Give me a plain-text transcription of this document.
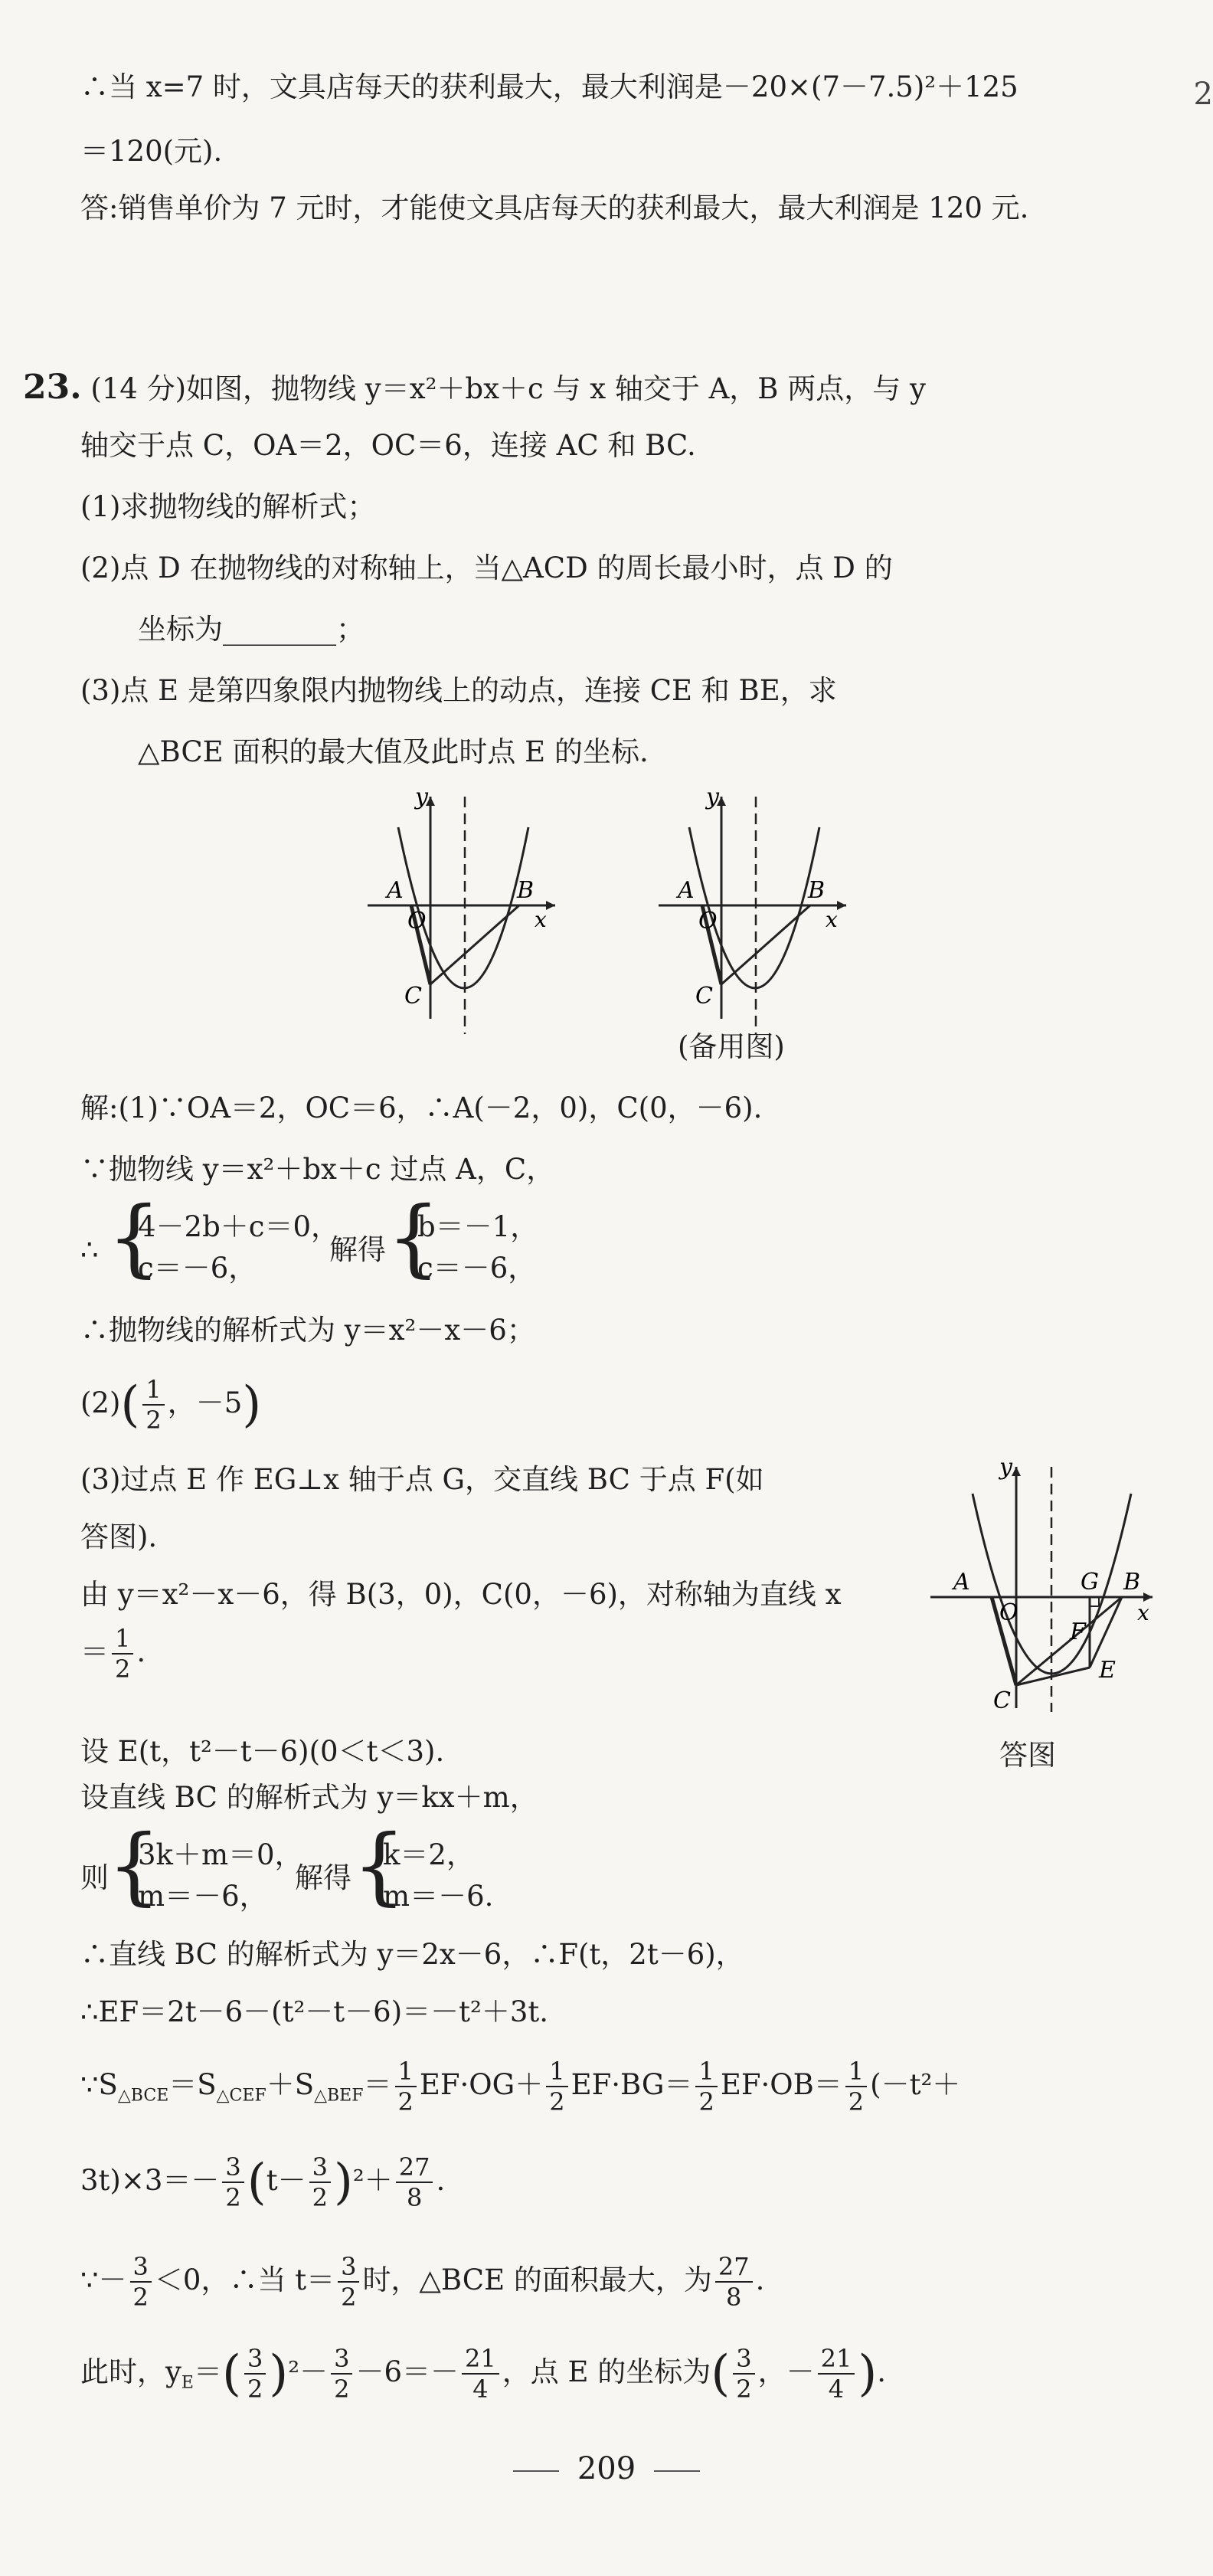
∴当 x=7 时，文具店每天的获利最大，最大利润是－20×(7－7.5)²＋125
＝120(元).
答:销售单价为 7 元时，才能使文具店每天的获利最大，最大利润是 120 元.
2
23. (14 分)如图，抛物线 y＝x²＋bx＋c 与 x 轴交于 A，B 两点，与 y
轴交于点 C，OA＝2，OC＝6，连接 AC 和 BC.
(1)求抛物线的解析式；
(2)点 D 在抛物线的对称轴上，当△ACD 的周长最小时，点 D 的
坐标为________；
(3)点 E 是第四象限内抛物线上的动点，连接 CE 和 BE，求
△BCE 面积的最大值及此时点 E 的坐标.
y
A	B
O	x
C
y
A	B
O	x
C
(备用图)
解:(1)∵OA＝2，OC＝6，∴A(－2，0)，C(0，－6).
∵抛物线 y＝x²＋bx＋c 过点 A，C，
∴ {
4－2b＋c＝0，
c＝－6，
解得 {
b＝－1，
c＝－6，
∴抛物线的解析式为 y＝x²－x－6；
$(2)( \frac{1}{2}$ ，－5)
(3)过点 E 作 EG⊥x 轴于点 G，交直线 BC 于点 F(如
答图).
由 y＝x²－x－6，得 B(3，0)，C(0，－6)，对称轴为直线 x
＝ $\frac{1}{2}$ .
y
A
O
G B
x
F
E
C
答图
设 E(t，t²－t－6)(0＜t＜3).
设直线 BC 的解析式为 y＝kx＋m，
则
{
3k＋m＝0，
m＝－6，
解得 {
k＝2，
m＝－6.
∴直线 BC 的解析式为 y＝2x－6，∴F(t，2t－6)，
∴EF＝2t－6－(t²－t－6)＝－t²＋3t.
$\because S_{\triangle BCE}=S_{\triangle CEF}+S_{\triangle BEF}= \frac{1}{2} EF\cdot OG+ \frac{1}{2} EF\cdot BG= \frac{1}{2} EF\cdot OB= \frac{1}{2} (-t^2+$
$3t)\times 3=- \frac{3}{2} (t- \frac{3}{2} )^2+ \frac{27}{8}$ .
∵－ $\frac{3}{2} <0$，∴当 $t= \frac{3}{2}$ 时，△BCE 的面积最大，为 $\frac{27}{8}$ .
此时，$y_E=( \frac{3}{2} )^2- \frac{3}{2} -6=- \frac{21}{4}$ ，点 E 的坐标为( $\frac{3}{2}$ ，－ $\frac{21}{4}$ ).
209
